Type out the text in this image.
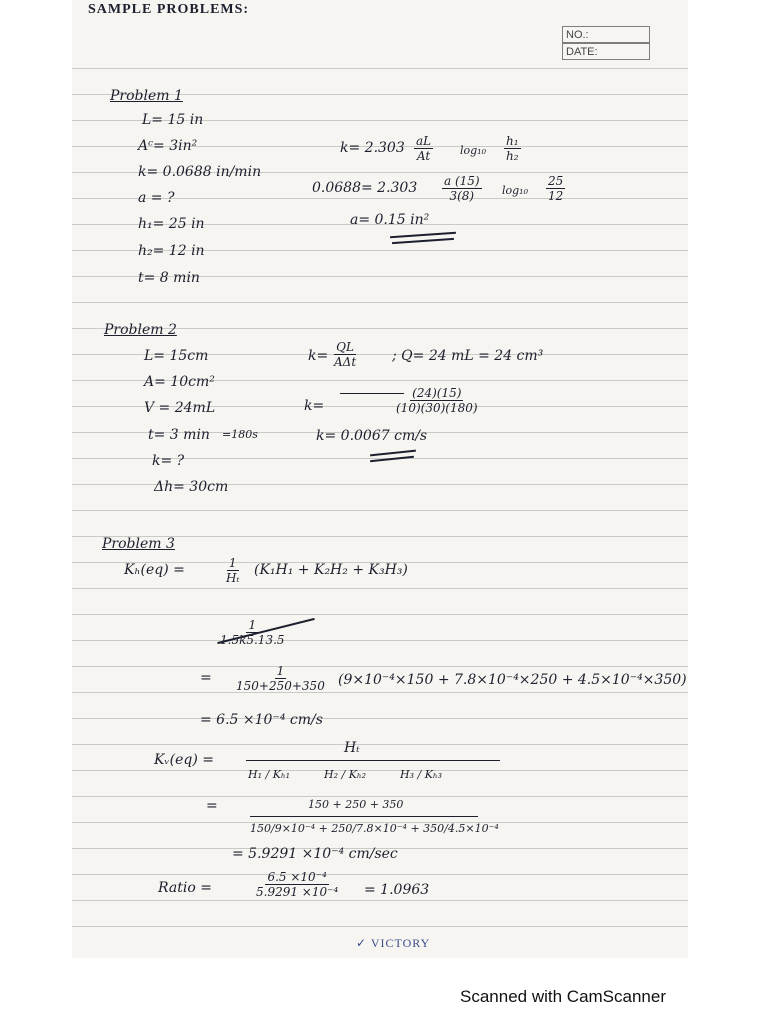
SAMPLE PROBLEMS:
NO.:
DATE:
Problem 1
L= 15 in
Aᶜ= 3in²
k= 0.0688 in/min
a = ?
h₁= 25 in
h₂= 12 in
t= 8 min
$k= 2.303 \frac{aL}{At} \log_{10} \frac{\text{h₁}}{\text{h₂}}$
$0.0688= 2.303 \frac{a (15)}{3(8)} \log_{10} \frac{25}{12}$
a= 0.15 in²
Problem 2
L= 15cm
A= 10cm²
V = 24mL
t= 3 min
k= ?
Δh= 30cm
k=
QL
AΔt	; Q= 24 mL = 24 cm³
k=	$\frac{(24)(15)}{(10)(30)(180)}$
=180s	k= 0.0067 cm/s
Problem 3
Kₕ(eq) =	$\frac{1}{\text{Hₜ}} (K_1H_1 + K_2H_2 + K_3H_3)$
$\frac{1}{1.5k5.13.5}$
= $\frac{1}{150+250+350} (9\times 10^{-4}\times 150 + 7.8\times 10^{-4}\times 250 + 4.5\times 10^{-4}\times 350)$
= 6.5 ×10⁻⁴ cm/s
Kᵥ(eq) =
Hₜ
H₁ / Kₕ₁	H₂ / Kₕ₂	H₃ / Kₕ₃
=	150 + 250 + 350
150/9×10⁻⁴ + 250/7.8×10⁻⁴ + 350/4.5×10⁻⁴
= 5.9291 ×10⁻⁴ cm/sec
Ratio =	$\frac{\text{6.5 ×10⁻⁴}}{\text{5.9291 ×10⁻⁴}} = 1.0963$
✓ VICTORY
Scanned with CamScanner
